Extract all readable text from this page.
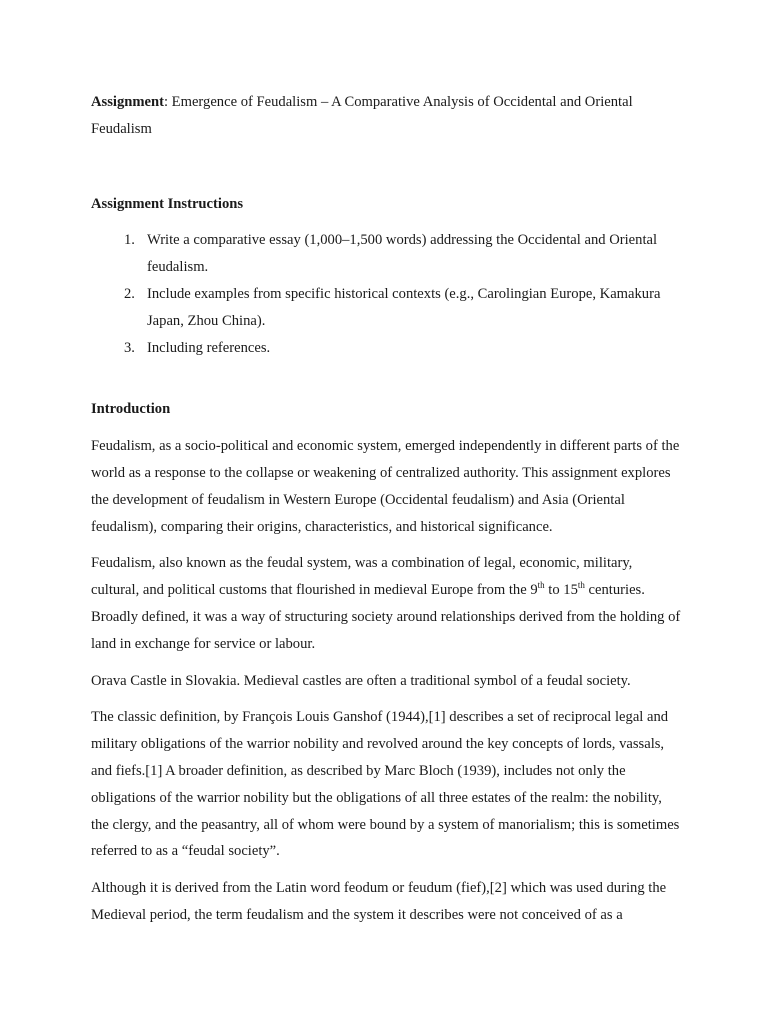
Assignment: Emergence of Feudalism – A Comparative Analysis of Occidental and Oriental Feudalism

Assignment Instructions

1. Write a comparative essay (1,000–1,500 words) addressing the Occidental and Oriental feudalism.
2. Include examples from specific historical contexts (e.g., Carolingian Europe, Kamakura Japan, Zhou China).
3. Including references.

Introduction

Feudalism, as a socio-political and economic system, emerged independently in different parts of the world as a response to the collapse or weakening of centralized authority. This assignment explores the development of feudalism in Western Europe (Occidental feudalism) and Asia (Oriental feudalism), comparing their origins, characteristics, and historical significance.

Feudalism, also known as the feudal system, was a combination of legal, economic, military, cultural, and political customs that flourished in medieval Europe from the 9th to 15th centuries. Broadly defined, it was a way of structuring society around relationships derived from the holding of land in exchange for service or labour.

Orava Castle in Slovakia. Medieval castles are often a traditional symbol of a feudal society.

The classic definition, by François Louis Ganshof (1944),[1] describes a set of reciprocal legal and military obligations of the warrior nobility and revolved around the key concepts of lords, vassals, and fiefs.[1] A broader definition, as described by Marc Bloch (1939), includes not only the obligations of the warrior nobility but the obligations of all three estates of the realm: the nobility, the clergy, and the peasantry, all of whom were bound by a system of manorialism; this is sometimes referred to as a “feudal society”.

Although it is derived from the Latin word feodum or feudum (fief),[2] which was used during the Medieval period, the term feudalism and the system it describes were not conceived of as a
